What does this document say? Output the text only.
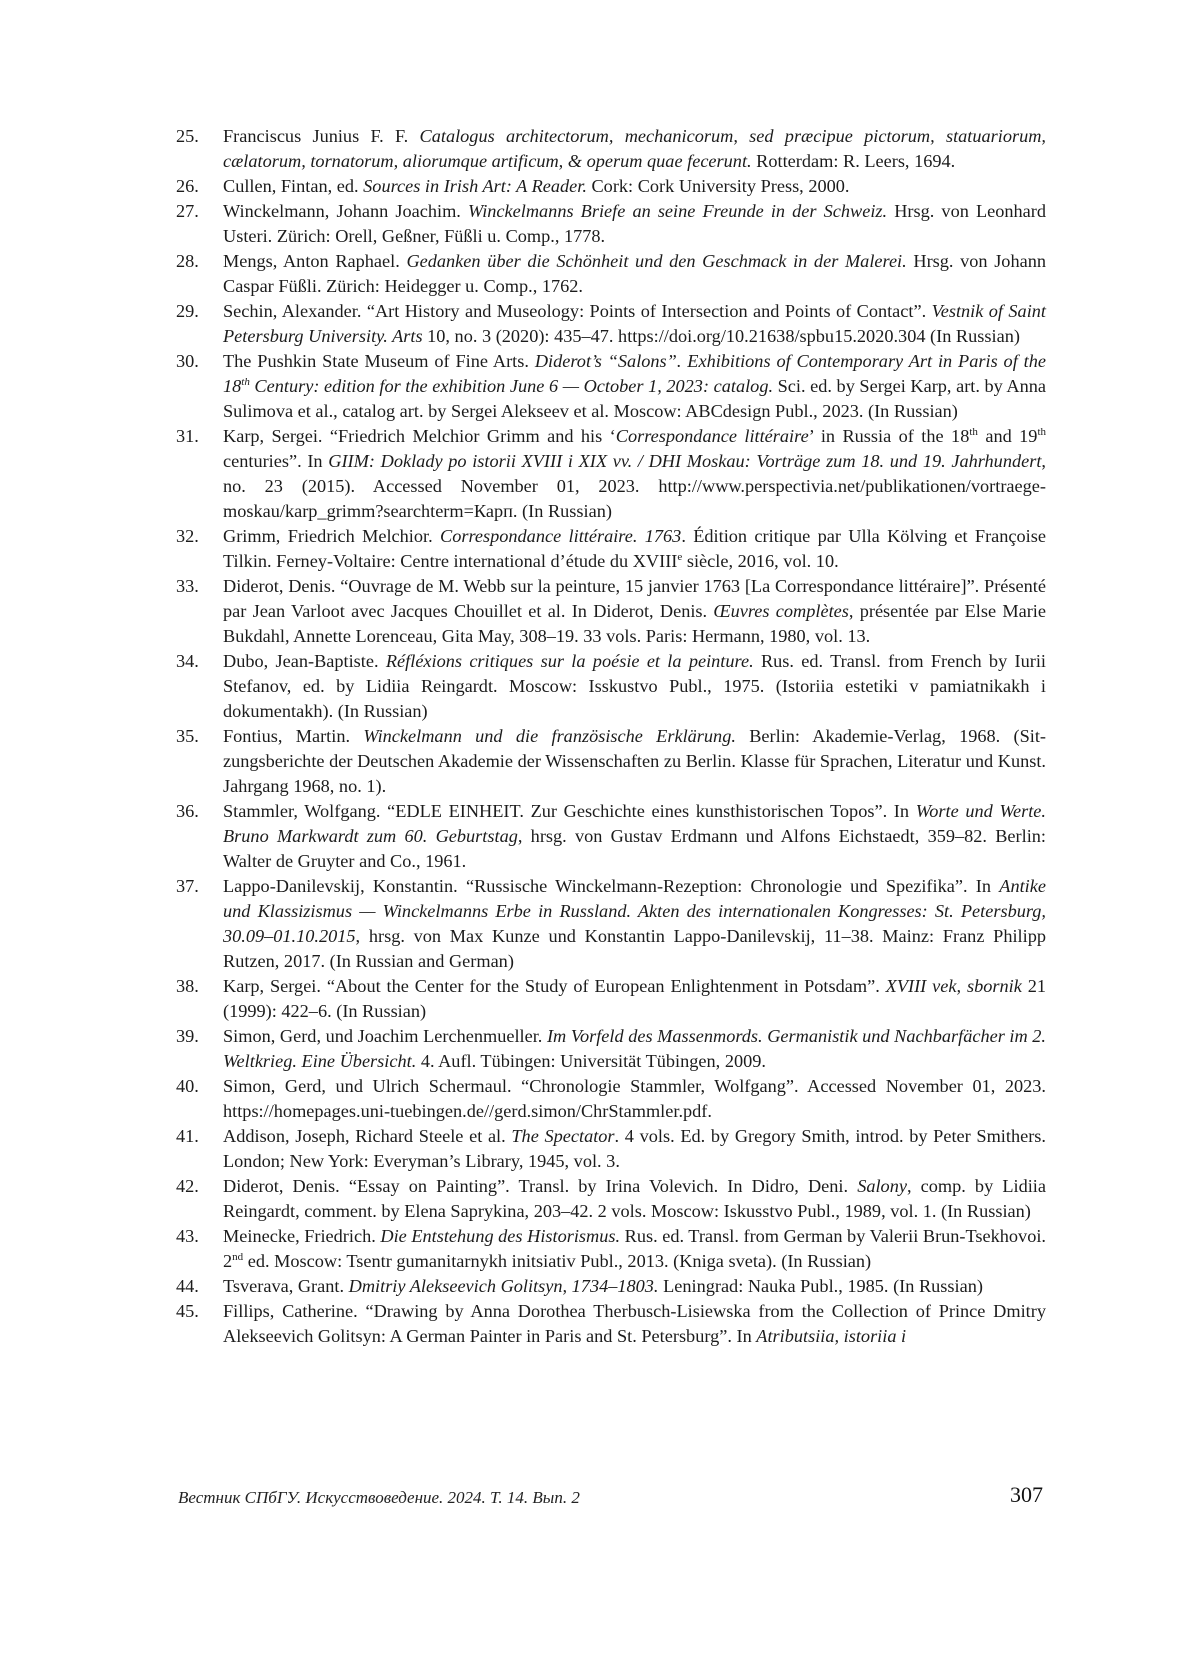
25.	Franciscus Junius F. F. Catalogus architectorum, mechanicorum, sed præcipue pictorum, statuariorum, cælatorum, tornatorum, aliorumque artificum, & operum quae fecerunt. Rotterdam: R. Leers, 1694.
26.	Cullen, Fintan, ed. Sources in Irish Art: A Reader. Cork: Cork University Press, 2000.
27.	Winckelmann, Johann Joachim. Winckelmanns Briefe an seine Freunde in der Schweiz. Hrsg. von Leonhard Usteri. Zürich: Orell, Geßner, Füßli u. Comp., 1778.
28.	Mengs, Anton Raphael. Gedanken über die Schönheit und den Geschmack in der Malerei. Hrsg. von Johann Caspar Füßli. Zürich: Heidegger u. Comp., 1762.
29.	Sechin, Alexander. “Art History and Museology: Points of Intersection and Points of Contact”. Vestnik of Saint Petersburg University. Arts 10, no. 3 (2020): 435–47. https://doi.org/10.21638/spbu15.2020.304 (In Russian)
30.	The Pushkin State Museum of Fine Arts. Diderot’s “Salons”. Exhibitions of Contemporary Art in Paris of the 18th Century: edition for the exhibition June 6 — October 1, 2023: catalog. Sci. ed. by Sergei Karp, art. by Anna Sulimova et al., catalog art. by Sergei Alekseev et al. Moscow: ABCdesign Publ., 2023. (In Russian)
31.	Karp, Sergei. “Friedrich Melchior Grimm and his ‘Correspondance littéraire’ in Russia of the 18th and 19th centuries”. In GIIM: Doklady po istorii XVIII i XIX vv. / DHI Moskau: Vorträge zum 18. und 19. Jahrhundert, no. 23 (2015). Accessed November 01, 2023. http://www.perspectivia.net/publikationen/vortraege-moskau/karp_grimm?searchterm=Карп. (In Russian)
32.	Grimm, Friedrich Melchior. Correspondance littéraire. 1763. Édition critique par Ulla Kölving et Françoise Tilkin. Ferney-Voltaire: Centre international d’étude du XVIIIe siècle, 2016, vol. 10.
33.	Diderot, Denis. “Ouvrage de M. Webb sur la peinture, 15 janvier 1763 [La Correspondance littéraire]”. Présenté par Jean Varloot avec Jacques Chouillet et al. In Diderot, Denis. Œuvres complètes, présentée par Else Marie Bukdahl, Annette Lorenceau, Gita May, 308–19. 33 vols. Paris: Hermann, 1980, vol. 13.
34.	Dubo, Jean-Baptiste. Réfléxions critiques sur la poésie et la peinture. Rus. ed. Transl. from French by Iurii Stefanov, ed. by Lidiia Reingardt. Moscow: Isskustvo Publ., 1975. (Istoriia estetiki v pamiatnikakh i dokumentakh). (In Russian)
35.	Fontius, Martin. Winckelmann und die französische Erklärung. Berlin: Akademie-Verlag, 1968. (Sitzungsberichte der Deutschen Akademie der Wissenschaften zu Berlin. Klasse für Sprachen, Literatur und Kunst. Jahrgang 1968, no. 1).
36.	Stammler, Wolfgang. “EDLE EINHEIT. Zur Geschichte eines kunsthistorischen Topos”. In Worte und Werte. Bruno Markwardt zum 60. Geburtstag, hrsg. von Gustav Erdmann und Alfons Eichstaedt, 359–82. Berlin: Walter de Gruyter and Co., 1961.
37.	Lappo-Danilevskij, Konstantin. “Russische Winckelmann-Rezeption: Chronologie und Spezifika”. In Antike und Klassizismus — Winckelmanns Erbe in Russland. Akten des internationalen Kongresses: St. Petersburg, 30.09–01.10.2015, hrsg. von Max Kunze und Konstantin Lappo-Danilevskij, 11–38. Mainz: Franz Philipp Rutzen, 2017. (In Russian and German)
38.	Karp, Sergei. “About the Center for the Study of European Enlightenment in Potsdam”. XVIII vek, sbornik 21 (1999): 422–6. (In Russian)
39.	Simon, Gerd, und Joachim Lerchenmueller. Im Vorfeld des Massenmords. Germanistik und Nachbarfächer im 2. Weltkrieg. Eine Übersicht. 4. Aufl. Tübingen: Universität Tübingen, 2009.
40.	Simon, Gerd, und Ulrich Schermaul. “Chronologie Stammler, Wolfgang”. Accessed November 01, 2023. https://homepages.uni-tuebingen.de//gerd.simon/ChrStammler.pdf.
41.	Addison, Joseph, Richard Steele et al. The Spectator. 4 vols. Ed. by Gregory Smith, introd. by Peter Smithers. London; New York: Everyman’s Library, 1945, vol. 3.
42.	Diderot, Denis. “Essay on Painting”. Transl. by Irina Volevich. In Didro, Deni. Salony, comp. by Lidiia Reingardt, comment. by Elena Saprykina, 203–42. 2 vols. Moscow: Iskusstvo Publ., 1989, vol. 1. (In Russian)
43.	Meinecke, Friedrich. Die Entstehung des Historismus. Rus. ed. Transl. from German by Valerii Brun-Tsekhovoi. 2nd ed. Moscow: Tsentr gumanitarnykh initsiativ Publ., 2013. (Kniga sveta). (In Russian)
44.	Tsverava, Grant. Dmitriy Alekseevich Golitsyn, 1734–1803. Leningrad: Nauka Publ., 1985. (In Russian)
45.	Fillips, Catherine. “Drawing by Anna Dorothea Therbusch-Lisiewska from the Collection of Prince Dmitry Alekseevich Golitsyn: A German Painter in Paris and St. Petersburg”. In Atributsiia, istoriia i
Вестник СПбГУ. Искусствоведение. 2024. Т. 14. Вып. 2	307
